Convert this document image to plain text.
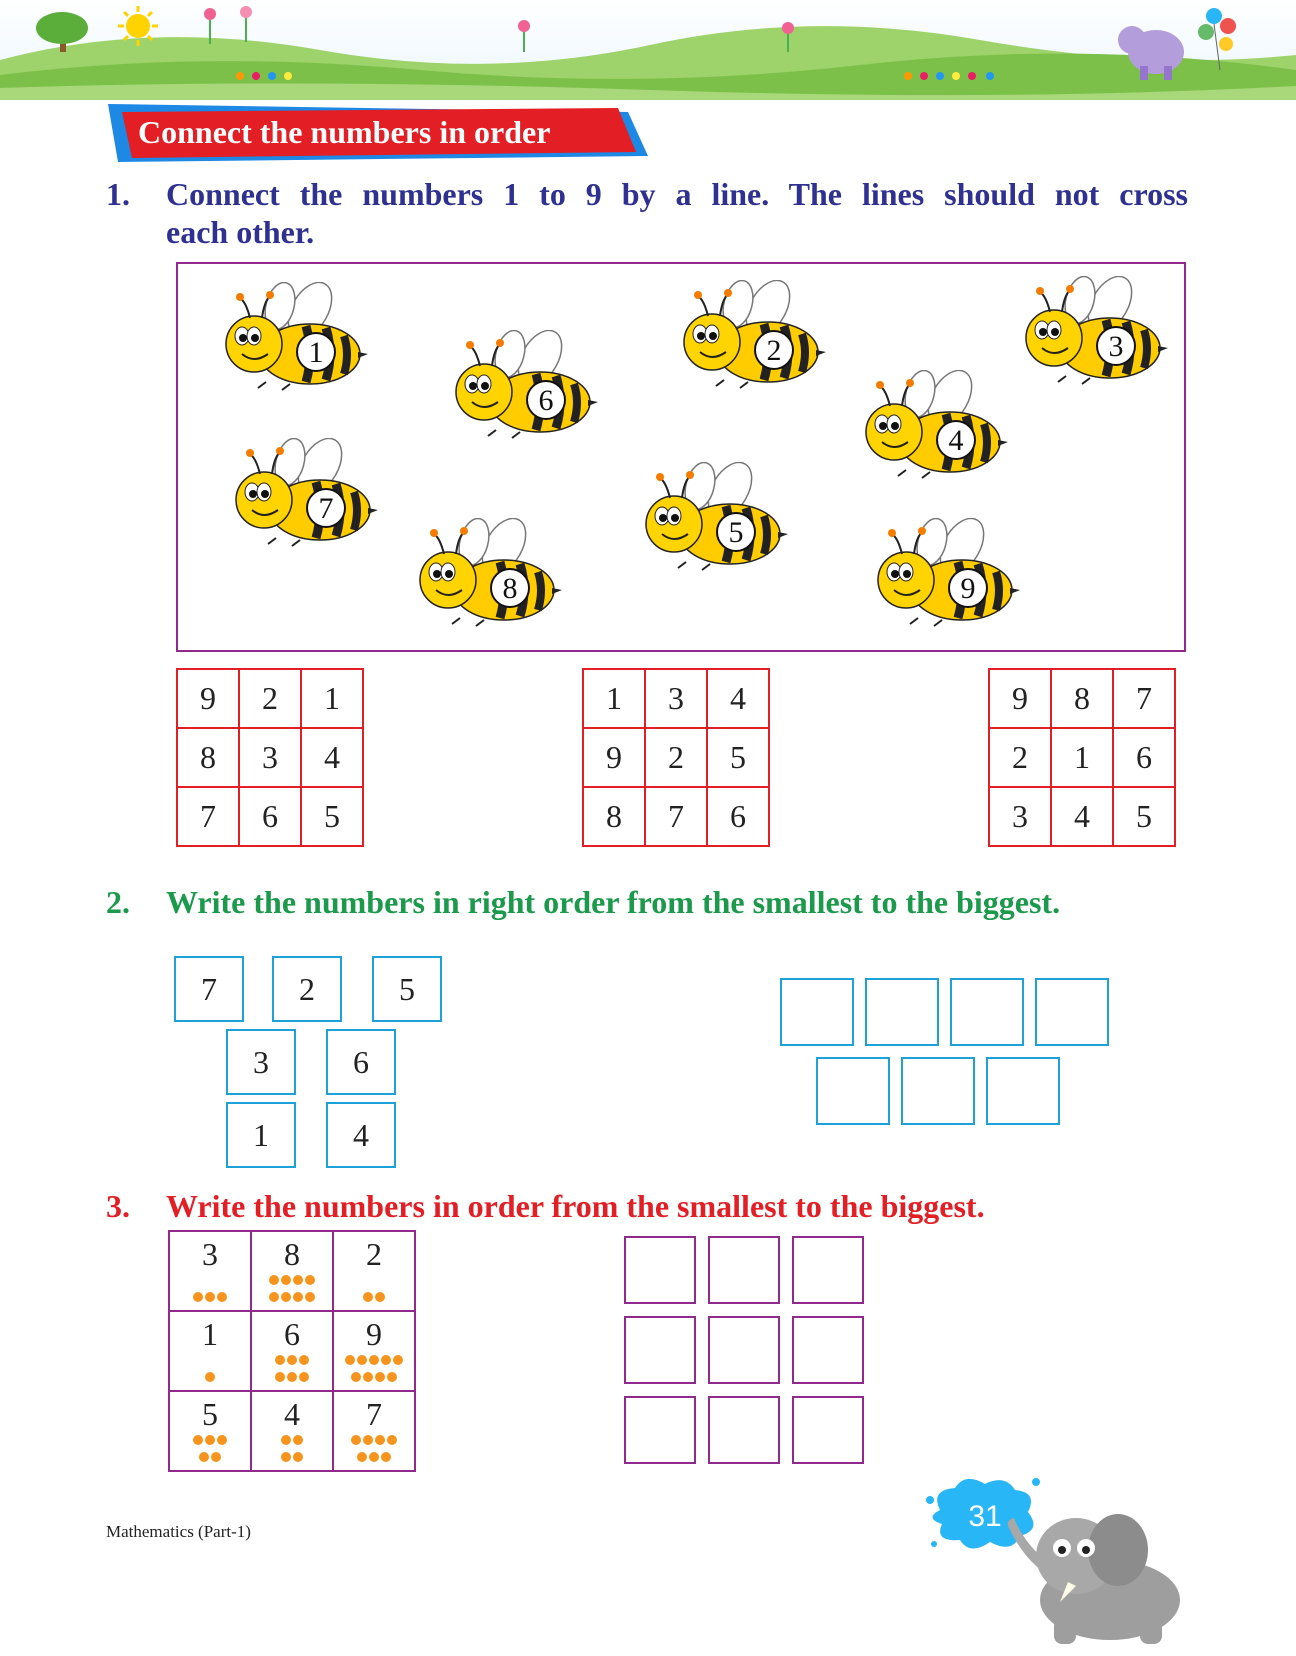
Connect the numbers in order
1. Connect the numbers 1 to 9 by a line. The lines should not cross
each other.
1
6
2	3
4
7
5
8	9
9	2	1
8	3	4
7	6	5
1	3	4
9	2	5
8	7	6
9	8	7
2	1	6
3	4	5
2. Write the numbers in right order from the smallest to the biggest.
7	2	5
3	6
1	4
3. Write the numbers in order from the smallest to the biggest.
3	8	2

1	6	9

5	4	7
Mathematics (Part-1)	31
